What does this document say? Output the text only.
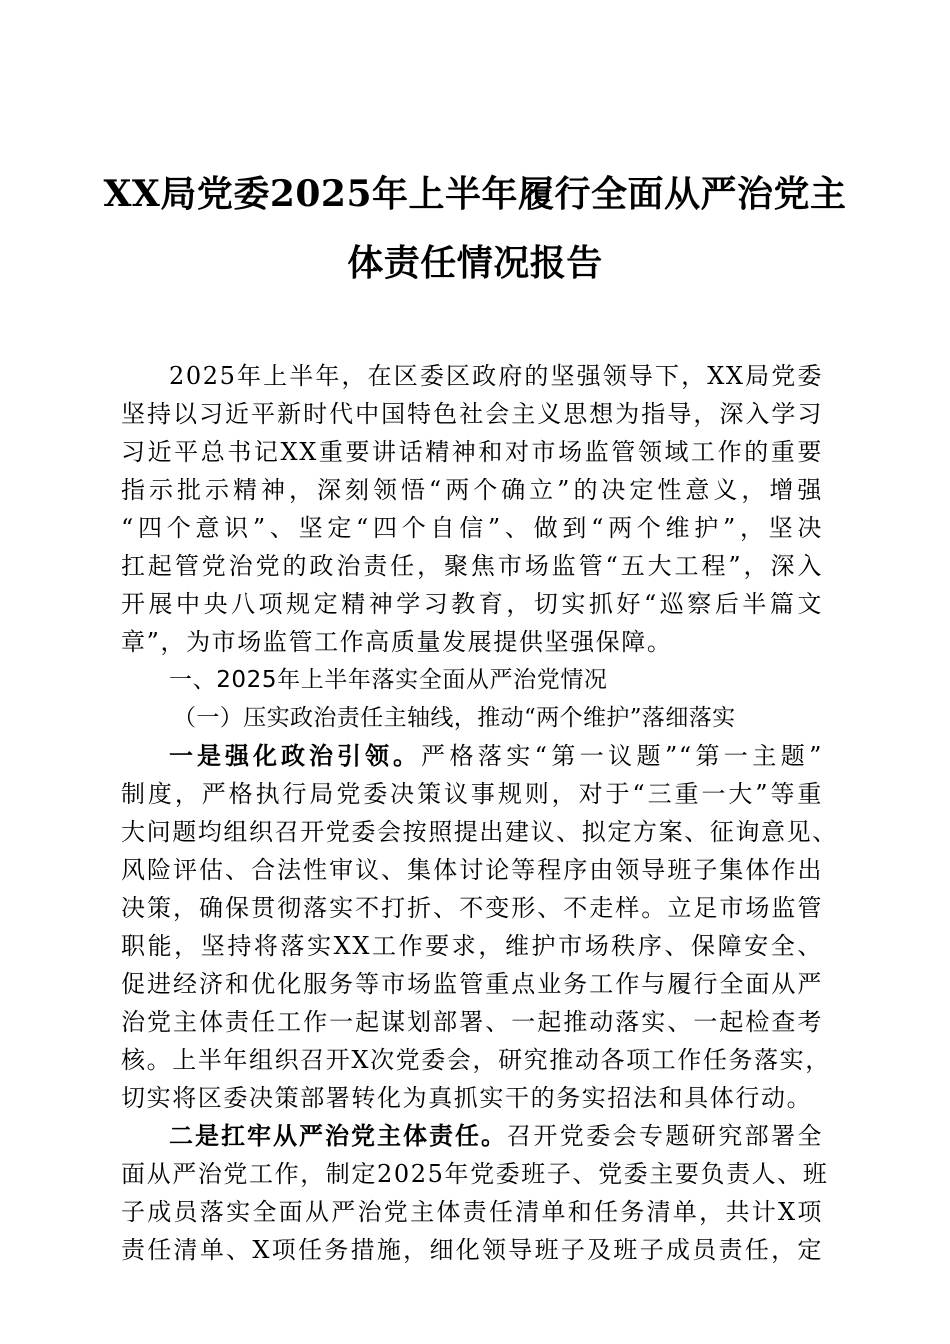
XX局党委2025年上半年履行全面从严治党主
体责任情况报告
2025年上半年，在区委区政府的坚强领导下，XX局党委
坚持以习近平新时代中国特色社会主义思想为指导，深入学习
习近平总书记XX重要讲话精神和对市场监管领域工作的重要
指示批示精神，深刻领悟“两个确立”的决定性意义，增强
“四个意识”、坚定“四个自信”、做到“两个维护”，坚决
扛起管党治党的政治责任，聚焦市场监管“五大工程”，深入
开展中央八项规定精神学习教育，切实抓好“巡察后半篇文
章”，为市场监管工作高质量发展提供坚强保障。
一、2025年上半年落实全面从严治党情况
（一）压实政治责任主轴线，推动“两个维护”落细落实
一是强化政治引领。严格落实“第一议题”“第一主题”
制度，严格执行局党委决策议事规则，对于“三重一大”等重
大问题均组织召开党委会按照提出建议、拟定方案、征询意见、
风险评估、合法性审议、集体讨论等程序由领导班子集体作出
决策，确保贯彻落实不打折、不变形、不走样。立足市场监管
职能，坚持将落实XX工作要求，维护市场秩序、保障安全、
促进经济和优化服务等市场监管重点业务工作与履行全面从严
治党主体责任工作一起谋划部署、一起推动落实、一起检查考
核。上半年组织召开X次党委会，研究推动各项工作任务落实，
切实将区委决策部署转化为真抓实干的务实招法和具体行动。
二是扛牢从严治党主体责任。召开党委会专题研究部署全
面从严治党工作，制定2025年党委班子、党委主要负责人、班
子成员落实全面从严治党主体责任清单和任务清单，共计X项
责任清单、X项任务措施，细化领导班子及班子成员责任，定
